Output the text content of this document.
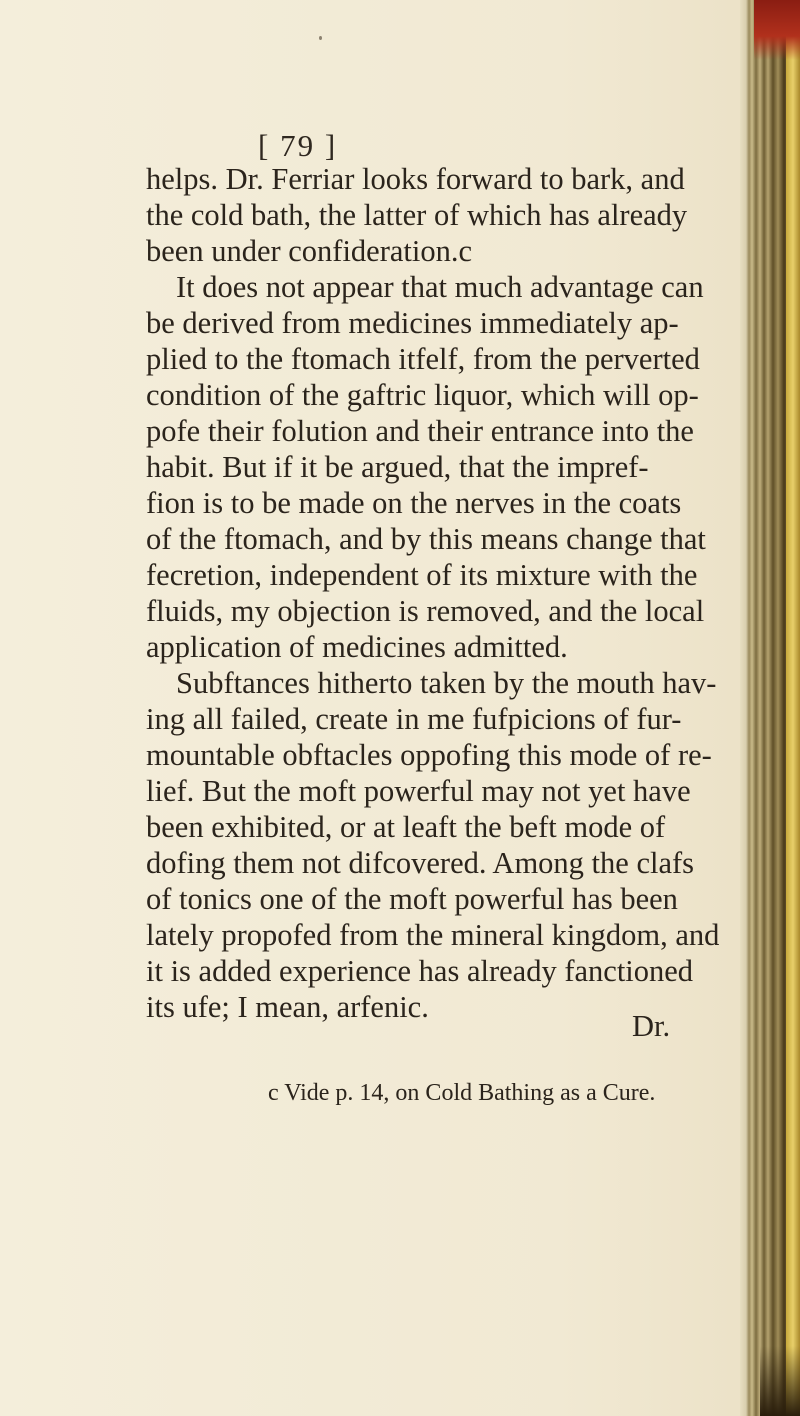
[ 79 ]
helps. Dr. Ferriar looks forward to bark, and
the cold bath, the latter of which has already
been under confideration.c
It does not appear that much advantage can
be derived from medicines immediately ap-
plied to the ftomach itfelf, from the perverted
condition of the gaftric liquor, which will op-
pofe their folution and their entrance into the
habit. But if it be argued, that the impref-
fion is to be made on the nerves in the coats
of the ftomach, and by this means change that
fecretion, independent of its mixture with the
fluids, my objection is removed, and the local
application of medicines admitted.
Subftances hitherto taken by the mouth hav-
ing all failed, create in me fufpicions of fur-
mountable obftacles oppofing this mode of re-
lief. But the moft powerful may not yet have
been exhibited, or at leaft the beft mode of
dofing them not difcovered. Among the clafs
of tonics one of the moft powerful has been
lately propofed from the mineral kingdom, and
it is added experience has already fanctioned
its ufe; I mean, arfenic.
Dr.
c Vide p. 14, on Cold Bathing as a Cure.
